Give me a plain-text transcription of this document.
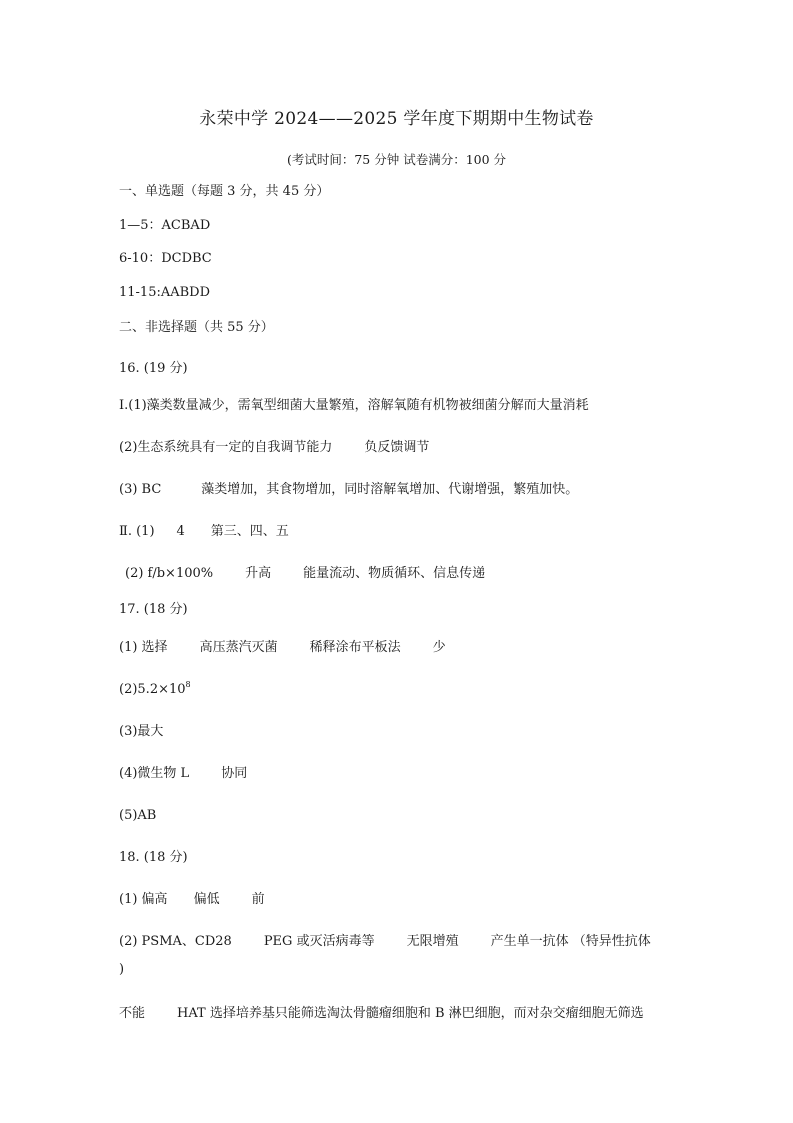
永荣中学 2024——2025 学年度下期期中生物试卷
(考试时间：75 分钟 试卷满分：100 分
一、单选题（每题 3 分，共 45 分）
1—5：ACBAD
6-10：DCDBC
11-15:AABDD
二、非选择题（共 55 分）
16. (19 分)
Ⅰ.(1)藻类数量减少，需氧型细菌大量繁殖，溶解氧随有机物被细菌分解而大量消耗
(2)生态系统具有一定的自我调节能力 负反馈调节
(3) BC	藻类增加，其食物增加，同时溶解氧增加、代谢增强，繁殖加快。
Ⅱ. (1) 4 第三、四、五
(2) f/b×100% 升高 能量流动、物质循环、信息传递
17. (18 分)
(1) 选择 高压蒸汽灭菌 稀释涂布平板法 少
$(2)5.2\times 10^8$
(3)最大
(4)微生物 L 协同
(5)AB
18. (18 分)
(1) 偏高 偏低 前
(2) PSMA、CD28 PEG 或灭活病毒等 无限增殖 产生单一抗体 （特异性抗体
)
不能 HAT 选择培养基只能筛选淘汰骨髓瘤细胞和 B 淋巴细胞，而对杂交瘤细胞无筛选
